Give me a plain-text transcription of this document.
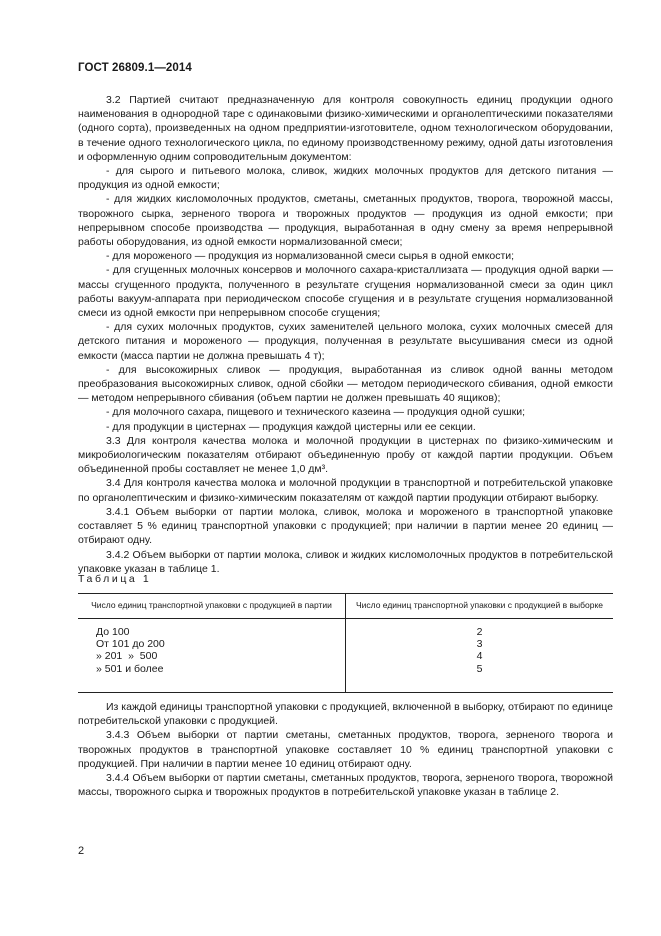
ГОСТ 26809.1—2014

3.2 Партией считают предназначенную для контроля совокупность единиц продукции одного наименования в однородной таре с одинаковыми физико-химическими и органолептическими показателями (одного сорта), произведенных на одном предприятии-изготовителе, одном технологическом оборудовании, в течение одного технологического цикла, по единому производственному режиму, одной даты изготовления и оформленную одним сопроводительным документом:

- для сырого и питьевого молока, сливок, жидких молочных продуктов для детского питания — продукция из одной емкости;

- для жидких кисломолочных продуктов, сметаны, сметанных продуктов, творога, творожной массы, творожного сырка, зерненого творога и творожных продуктов — продукция из одной емкости; при непрерывном способе производства — продукция, выработанная в одну смену за время непрерывной работы оборудования, из одной емкости нормализованной смеси;

- для мороженого — продукция из нормализованной смеси сырья в одной емкости;

- для сгущенных молочных консервов и молочного сахара-кристаллизата — продукция одной варки — массы сгущенного продукта, полученного в результате сгущения нормализованной смеси за один цикл работы вакуум-аппарата при периодическом способе сгущения и в результате сгущения нормализованной смеси из одной емкости при непрерывном способе сгущения;

- для сухих молочных продуктов, сухих заменителей цельного молока, сухих молочных смесей для детского питания и мороженого — продукция, полученная в результате высушивания смеси из одной емкости (масса партии не должна превышать 4 т);

- для высокожирных сливок — продукция, выработанная из сливок одной ванны методом преобразования высокожирных сливок, одной сбойки — методом периодического сбивания, одной емкости — методом непрерывного сбивания (объем партии не должен превышать 40 ящиков);

- для молочного сахара, пищевого и технического казеина — продукция одной сушки;

- для продукции в цистернах — продукция каждой цистерны или ее секции.

3.3 Для контроля качества молока и молочной продукции в цистернах по физико-химическим и микробиологическим показателям отбирают объединенную пробу от каждой партии продукции. Объем объединенной пробы составляет не менее 1,0 дм³.

3.4 Для контроля качества молока и молочной продукции в транспортной и потребительской упаковке по органолептическим и физико-химическим показателям от каждой партии продукции отбирают выборку.

3.4.1 Объем выборки от партии молока, сливок, молока и мороженого в транспортной упаковке составляет 5 % единиц транспортной упаковки с продукцией; при наличии в партии менее 20 единиц — отбирают одну.

3.4.2 Объем выборки от партии молока, сливок и жидких кисломолочных продуктов в потребительской упаковке указан в таблице 1.

Таблица 1
Число единиц транспортной упаковки с продукцией в партии	Число единиц транспортной упаковки с продукцией в выборке
До 100	2
От 101 до 200	3
» 201  »  500	4
» 501 и более	5

Из каждой единицы транспортной упаковки с продукцией, включенной в выборку, отбирают по единице потребительской упаковки с продукцией.

3.4.3 Объем выборки от партии сметаны, сметанных продуктов, творога, зерненого творога и творожных продуктов в транспортной упаковке составляет 10 % единиц транспортной упаковки с продукцией. При наличии в партии менее 10 единиц отбирают одну.

3.4.4 Объем выборки от партии сметаны, сметанных продуктов, творога, зерненого творога, творожной массы, творожного сырка и творожных продуктов в потребительской упаковке указан в таблице 2.

2
